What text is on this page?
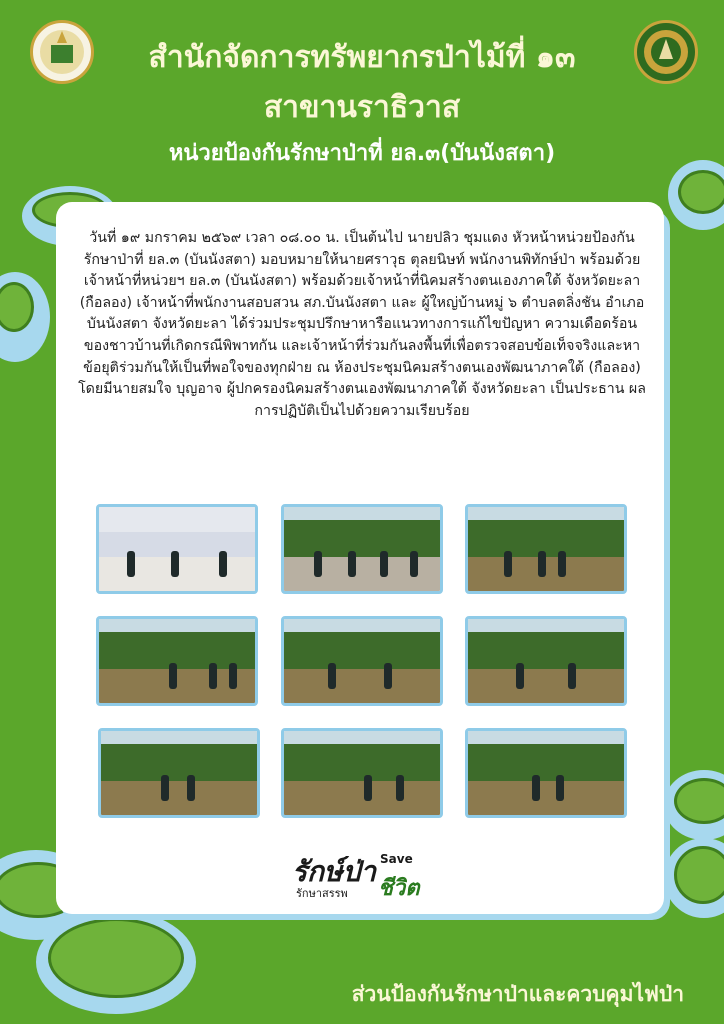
สำนักจัดการทรัพยากรป่าไม้ที่ ๑๓
สาขานราธิวาส
หน่วยป้องกันรักษาป่าที่ ยล.๓(บันนังสตา)
วันที่ ๑๙ มกราคม ๒๕๖๙ เวลา ๐๘.๐๐ น. เป็นต้นไป นายปลิว ชุมแดง หัวหน้าหน่วยป้องกันรักษาป่าที่ ยล.๓ (บันนังสตา) มอบหมายให้นายศราวุธ ตุลยนิษท์ พนักงานพิทักษ์ป่า พร้อมด้วยเจ้าหน้าที่หน่วยฯ ยล.๓ (บันนังสตา) พร้อมด้วยเจ้าหน้าที่นิคมสร้างตนเองภาคใต้ จังหวัดยะลา (กือลอง) เจ้าหน้าที่พนักงานสอบสวน สภ.บันนังสตา และ ผู้ใหญ่บ้านหมู่ ๖ ตำบลตลิ่งชัน อำเภอบันนังสตา จังหวัดยะลา ได้ร่วมประชุมปรึกษาหารือแนวทางการแก้ไขปัญหา ความเดือดร้อนของชาวบ้านที่เกิดกรณีพิพาทกัน และเจ้าหน้าที่ร่วมกันลงพื้นที่เพื่อตรวจสอบข้อเท็จจริงและหาข้อยุติร่วมกันให้เป็นที่พอใจของทุกฝ่าย ณ ห้องประชุมนิคมสร้างตนเองพัฒนาภาคใต้ (กือลอง) โดยมีนายสมใจ บุญอาจ ผู้ปกครองนิคมสร้างตนเองพัฒนาภาคใต้ จังหวัดยะลา เป็นประธาน ผลการปฏิบัติเป็นไปด้วยความเรียบร้อย
รักษ์ป่า
รักษาสรรพ
Save
ชีวิต
ส่วนป้องกันรักษาป่าและควบคุมไฟป่า
